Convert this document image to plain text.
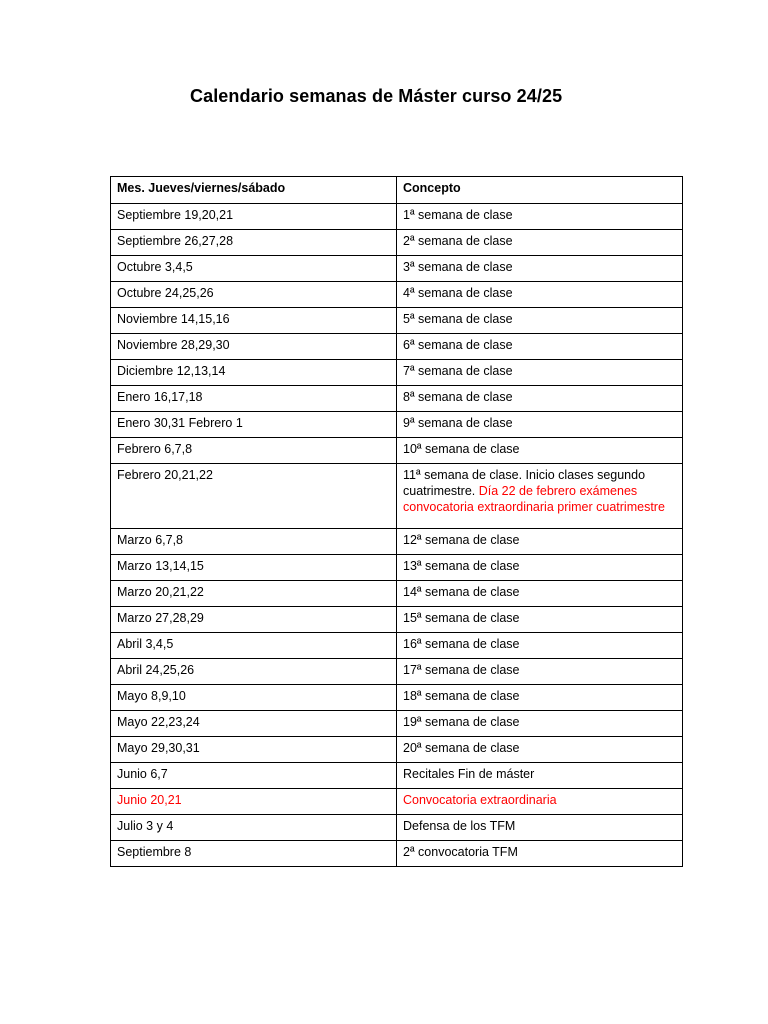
Calendario semanas de Máster curso 24/25
Mes. Jueves/viernes/sábado	Concepto
Septiembre 19,20,21	1ª semana de clase
Septiembre 26,27,28	2ª semana de clase
Octubre 3,4,5	3ª semana de clase
Octubre 24,25,26	4ª semana de clase
Noviembre 14,15,16	5ª semana de clase
Noviembre 28,29,30	6ª semana de clase
Diciembre 12,13,14	7ª semana de clase
Enero 16,17,18	8ª semana de clase
Enero 30,31 Febrero 1	9ª semana de clase
Febrero 6,7,8	10ª semana de clase
Febrero 20,21,22	11ª semana de clase. Inicio clases segundo cuatrimestre. Día 22 de febrero exámenes convocatoria extraordinaria primer cuatrimestre
Marzo 6,7,8	12ª semana de clase
Marzo 13,14,15	13ª semana de clase
Marzo 20,21,22	14ª semana de clase
Marzo 27,28,29	15ª semana de clase
Abril 3,4,5	16ª semana de clase
Abril 24,25,26	17ª semana de clase
Mayo 8,9,10	18ª semana de clase
Mayo 22,23,24	19ª semana de clase
Mayo 29,30,31	20ª semana de clase
Junio 6,7	Recitales Fin de máster
Junio 20,21	Convocatoria extraordinaria
Julio 3 y 4	Defensa de los TFM
Septiembre 8	2ª convocatoria TFM
